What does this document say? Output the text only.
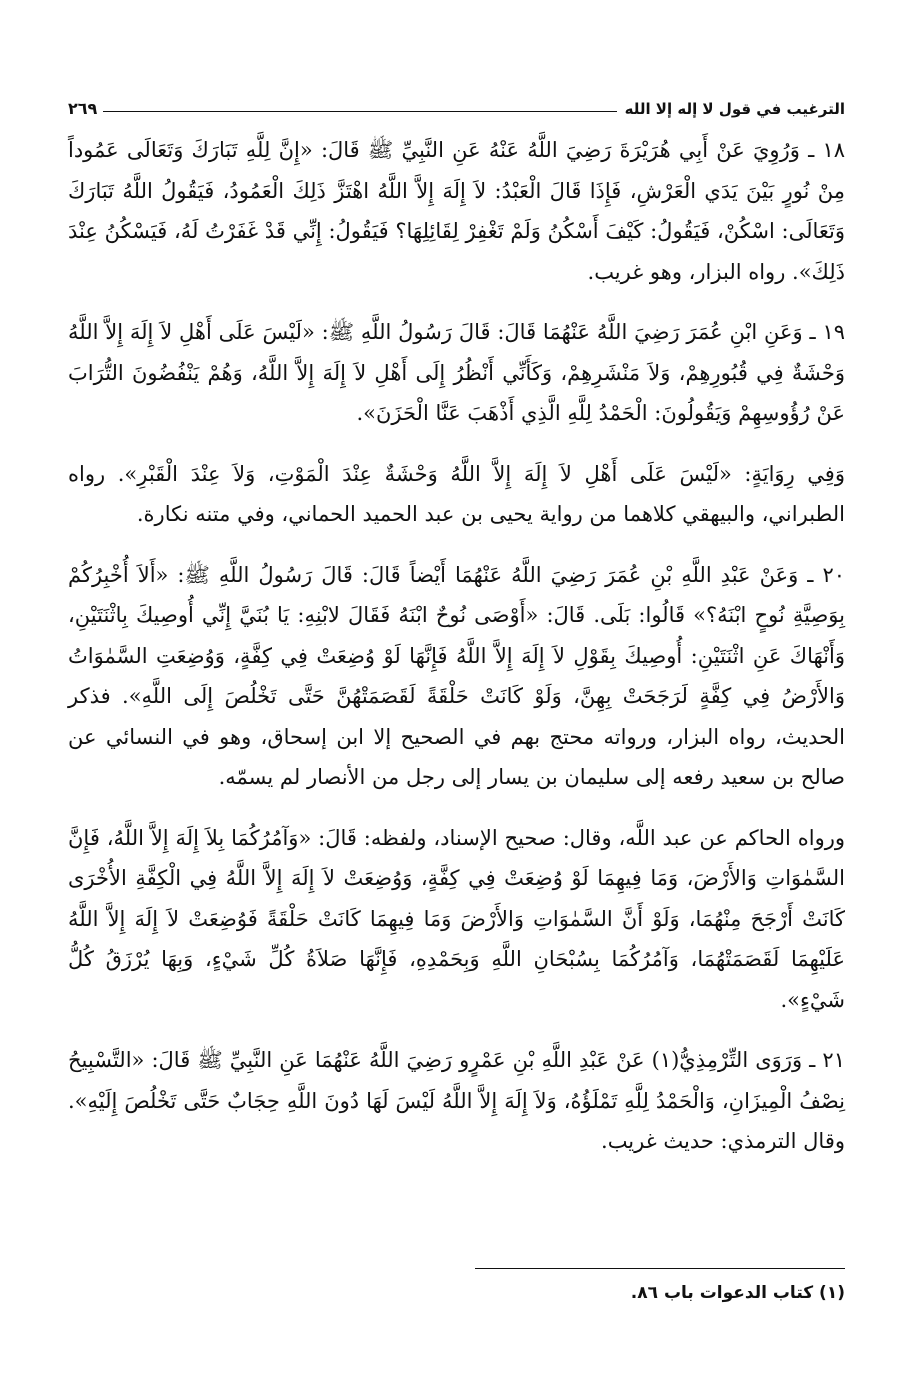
الترغيب في قول لا إله إلا الله
٢٦٩

١٨ ـ وَرُوِيَ عَنْ أَبِي هُرَيْرَةَ رَضِيَ اللَّهُ عَنْهُ عَنِ النَّبِيِّ ﷺ قَالَ: «إِنَّ لِلَّهِ تَبَارَكَ وَتَعَالَى عَمُوداً مِنْ نُورٍ بَيْنَ يَدَي الْعَرْشِ، فَإِذَا قَالَ الْعَبْدُ: لاَ إِلَهَ إِلاَّ اللَّهُ اهْتَزَّ ذَلِكَ الْعَمُودُ، فَيَقُولُ اللَّهُ تَبَارَكَ وَتَعَالَى: اسْكُنْ، فَيَقُولُ: كَيْفَ أَسْكُنُ وَلَمْ تَغْفِرْ لِقَائِلِهَا؟ فَيَقُولُ: إِنِّي قَدْ غَفَرْتُ لَهُ، فَيَسْكُنُ عِنْدَ ذَلِكَ». رواه البزار، وهو غريب.

١٩ ـ وَعَنِ ابْنِ عُمَرَ رَضِيَ اللَّهُ عَنْهُمَا قَالَ: قَالَ رَسُولُ اللَّهِ ﷺ: «لَيْسَ عَلَى أَهْلِ لاَ إِلَهَ إِلاَّ اللَّهُ وَحْشَةٌ فِي قُبُورِهِمْ، وَلاَ مَنْشَرِهِمْ، وَكَأَنِّي أَنْظُرُ إِلَى أَهْلِ لاَ إِلَهَ إِلاَّ اللَّهُ، وَهُمْ يَنْفُضُونَ التُّرَابَ عَنْ رُؤُوسِهِمْ وَيَقُولُونَ: الْحَمْدُ لِلَّهِ الَّذِي أَذْهَبَ عَنَّا الْحَزَنَ».

وَفِي رِوَايَةٍ: «لَيْسَ عَلَى أَهْلِ لاَ إِلَهَ إِلاَّ اللَّهُ وَحْشَةٌ عِنْدَ الْمَوْتِ، وَلاَ عِنْدَ الْقَبْرِ». رواه الطبراني، والبيهقي كلاهما من رواية يحيى بن عبد الحميد الحماني، وفي متنه نكارة.

٢٠ ـ وَعَنْ عَبْدِ اللَّهِ بْنِ عُمَرَ رَضِيَ اللَّهُ عَنْهُمَا أَيْضاً قَالَ: قَالَ رَسُولُ اللَّهِ ﷺ: «أَلاَ أُخْبِرُكُمْ بِوَصِيَّةِ نُوحٍ ابْنَهُ؟» قَالُوا: بَلَى. قَالَ: «أَوْصَى نُوحٌ ابْنَهُ فَقَالَ لابْنِهِ: يَا بُنَيَّ إِنِّي أُوصِيكَ بِاثْنَتَيْنِ، وَأَنْهَاكَ عَنِ اثْنَتَيْنِ: أُوصِيكَ بِقَوْلِ لاَ إِلَهَ إِلاَّ اللَّهُ فَإِنَّهَا لَوْ وُضِعَتْ فِي كِفَّةٍ، وَوُضِعَتِ السَّمٰوَاتُ وَالأَرْضُ فِي كِفَّةٍ لَرَجَحَتْ بِهِنَّ، وَلَوْ كَانَتْ حَلْقَةً لَقَصَمَتْهُنَّ حَتَّى تَخْلُصَ إِلَى اللَّهِ». فذكر الحديث، رواه البزار، ورواته محتج بهم في الصحيح إلا ابن إسحاق، وهو في النسائي عن صالح بن سعيد رفعه إلى سليمان بن يسار إلى رجل من الأنصار لم يسمّه.

ورواه الحاكم عن عبد اللَّه، وقال: صحيح الإسناد، ولفظه: قَالَ: «وَآمُرُكُمَا بِلاَ إِلَهَ إِلاَّ اللَّهُ، فَإِنَّ السَّمٰوَاتِ وَالأَرْضَ، وَمَا فِيهِمَا لَوْ وُضِعَتْ فِي كِفَّةٍ، وَوُضِعَتْ لاَ إِلَهَ إِلاَّ اللَّهُ فِي الْكِفَّةِ الأُخْرَى كَانَتْ أَرْجَحَ مِنْهُمَا، وَلَوْ أَنَّ السَّمٰوَاتِ وَالأَرْضَ وَمَا فِيهِمَا كَانَتْ حَلْقَةً فَوُضِعَتْ لاَ إِلَهَ إِلاَّ اللَّهُ عَلَيْهِمَا لَقَصَمَتْهُمَا، وَآمُرُكُمَا بِسُبْحَانِ اللَّهِ وَبِحَمْدِهِ، فَإِنَّهَا صَلاَةُ كُلِّ شَيْءٍ، وَبِهَا يُرْزَقُ كُلُّ شَيْءٍ».

٢١ ـ وَرَوَى التِّرْمِذِيُّ(١) عَنْ عَبْدِ اللَّهِ بْنِ عَمْرٍو رَضِيَ اللَّهُ عَنْهُمَا عَنِ النَّبِيِّ ﷺ قَالَ: «التَّسْبِيحُ نِصْفُ الْمِيزَانِ، وَالْحَمْدُ لِلَّهِ تَمْلَؤُهُ، وَلاَ إِلَهَ إِلاَّ اللَّهُ لَيْسَ لَهَا دُونَ اللَّهِ حِجَابٌ حَتَّى تَخْلُصَ إِلَيْهِ». وقال الترمذي: حديث غريب.

(١) كتاب الدعوات باب ٨٦.
